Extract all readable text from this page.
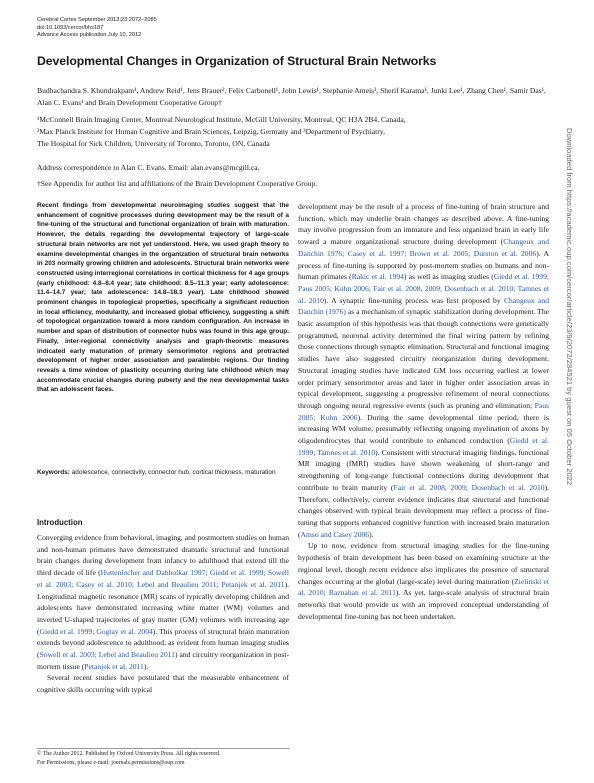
Cerebral Cortex September 2013;23:2072–2085
doi:10.1093/cercor/bhs187
Advance Access publication July 10, 2012
Developmental Changes in Organization of Structural Brain Networks
Budhachandra S. Khundrakpam¹, Andrew Reid¹, Jens Brauer², Felix Carbonell¹, John Lewis¹, Stephanie Ameis³, Sherif Karama¹, Junki Lee¹, Zhang Chen¹, Samir Das¹, Alan C. Evans¹ and Brain Development Cooperative Group†
¹McConnell Brain Imaging Center, Montreal Neurological Institute, McGill University, Montreal, QC H3A 2B4, Canada,
²Max Planck Institute for Human Cognitive and Brain Sciences, Leipzig, Germany and ³Department of Psychiatry,
The Hospital for Sick Children, University of Toronto, Toronto, ON, Canada
Address correspondence to Alan C. Evans. Email: alan.evans@mcgill.ca.
†See Appendix for author list and affiliations of the Brain Development Cooperative Group.

Recent findings from developmental neuroimaging studies suggest that the enhancement of cognitive processes during development may be the result of a fine-tuning of the structural and functional organization of brain with maturation. However, the details regarding the developmental trajectory of large-scale structural brain networks are not yet understood. Here, we used graph theory to examine developmental changes in the organization of structural brain networks in 203 normally growing children and adolescents. Structural brain networks were constructed using interregional correlations in cortical thickness for 4 age groups (early childhood: 4.8–8.4 year; late childhood: 8.5–11.3 year; early adolescence: 11.4–14.7 year; late adolescence: 14.8–18.3 year). Late childhood showed prominent changes in topological properties, specifically a significant reduction in local efficiency, modularity, and increased global efficiency, suggesting a shift of topological organization toward a more random configuration. An increase in number and span of distribution of connector hubs was found in this age group. Finally, inter-regional connectivity analysis and graph-theoretic measures indicated early maturation of primary sensorimotor regions and protracted development of higher order association and paralimbic regions. Our finding reveals a time window of plasticity occurring during late childhood which may accommodate crucial changes during puberty and the new developmental tasks that an adolescent faces.

Keywords: adolescence, connectivity, connector hub, cortical thickness, maturation
Introduction

Converging evidence from behavioral, imaging, and postmortem studies on human and non-human primates have demonstrated dramatic structural and functional brain changes during development from infancy to adulthood that extend till the third decade of life (Huttenlocher and Dabholkar 1997; Giedd et al. 1999; Sowell et al. 2003; Casey et al. 2010; Lebel and Beaulieu 2011; Petanjek et al. 2011). Longitudinal magnetic resonance (MR) scans of typically developing children and adolescents have demonstrated increasing white matter (WM) volumes and inverted U-shaped trajectories of gray matter (GM) volumes with increasing age (Giedd et al. 1999; Gogtay et al. 2004). This process of structural brain maturation extends beyond adolescence to adulthood, as evident from human imaging studies (Sowell et al. 2003; Lebel and Beaulieu 2011) and circuitry reorganization in post-mortem tissue (Petanjek et al. 2011).

Several recent studies have postulated that the measurable enhancement of cognitive skills occurring with typical

development may be the result of a process of fine-tuning of brain structure and function, which may underlie brain changes as described above. A fine-tuning may involve progression from an immature and less organized brain in early life toward a mature organizational structure during development (Changeux and Danchin 1976; Casey et al. 1997; Brown et al. 2005; Durston et al. 2006). A process of fine-tuning is supported by post-mortem studies on humans and non-human primates (Rakic et al. 1994) as well as imaging studies (Giedd et al. 1999; Paus 2005; Kuhn 2006; Fair et al. 2008, 2009; Dosenbach et al. 2010; Tamnes et al. 2010). A synaptic fine-tuning process was first proposed by Changeux and Danchin (1976) as a mechanism of synaptic stabilization during development. The basic assumption of this hypothesis was that though connections were genetically programmed, neuronal activity determined the final wiring pattern by refining those connections through synaptic elimination. Structural and functional imaging studies have also suggested circuitry reorganization during development. Structural imaging studies have indicated GM loss occurring earliest at lower order primary sensorimotor areas and later in higher order association areas in typical development, suggesting a progressive refinement of neural connections through ongoing neural regressive events (such as pruning and elimination; Paus 2005; Kuhn 2006). During the same developmental time period, there is increasing WM volume, presumably reflecting ongoing myelination of axons by oligodendrocytes that would contribute to enhanced conduction (Giedd et al. 1999; Tamnes et al. 2010). Consistent with structural imaging findings, functional MR imaging (fMRI) studies have shown weakening of short-range and strengthening of long-range functional connections during development that contribute to brain maturity (Fair et al. 2008, 2009; Dosenbach et al. 2010). Therefore, collectively, current evidence indicates that structural and functional changes observed with typical brain development may reflect a process of fine-tuning that supports enhanced cognitive function with increased brain maturation (Amso and Casey 2006).

Up to now, evidence from structural imaging studies for the fine-tuning hypothesis of brain development has been based on examining structure at the regional level, though recent evidence also implicates the presence of structural changes occurring at the global (large-scale) level during maturation (Zielinski et al. 2010; Raznahan et al. 2011). As yet, large-scale analysis of structural brain networks that would provide us with an improved conceptual understanding of developmental fine-tuning has not been undertaken.

© The Author 2012. Published by Oxford University Press. All rights reserved.
For Permissions, please e-mail: journals.permissions@oup.com
Downloaded from https://academic.oup.com/cercor/article/23/9/2072/284521 by guest on 05 October 2022
